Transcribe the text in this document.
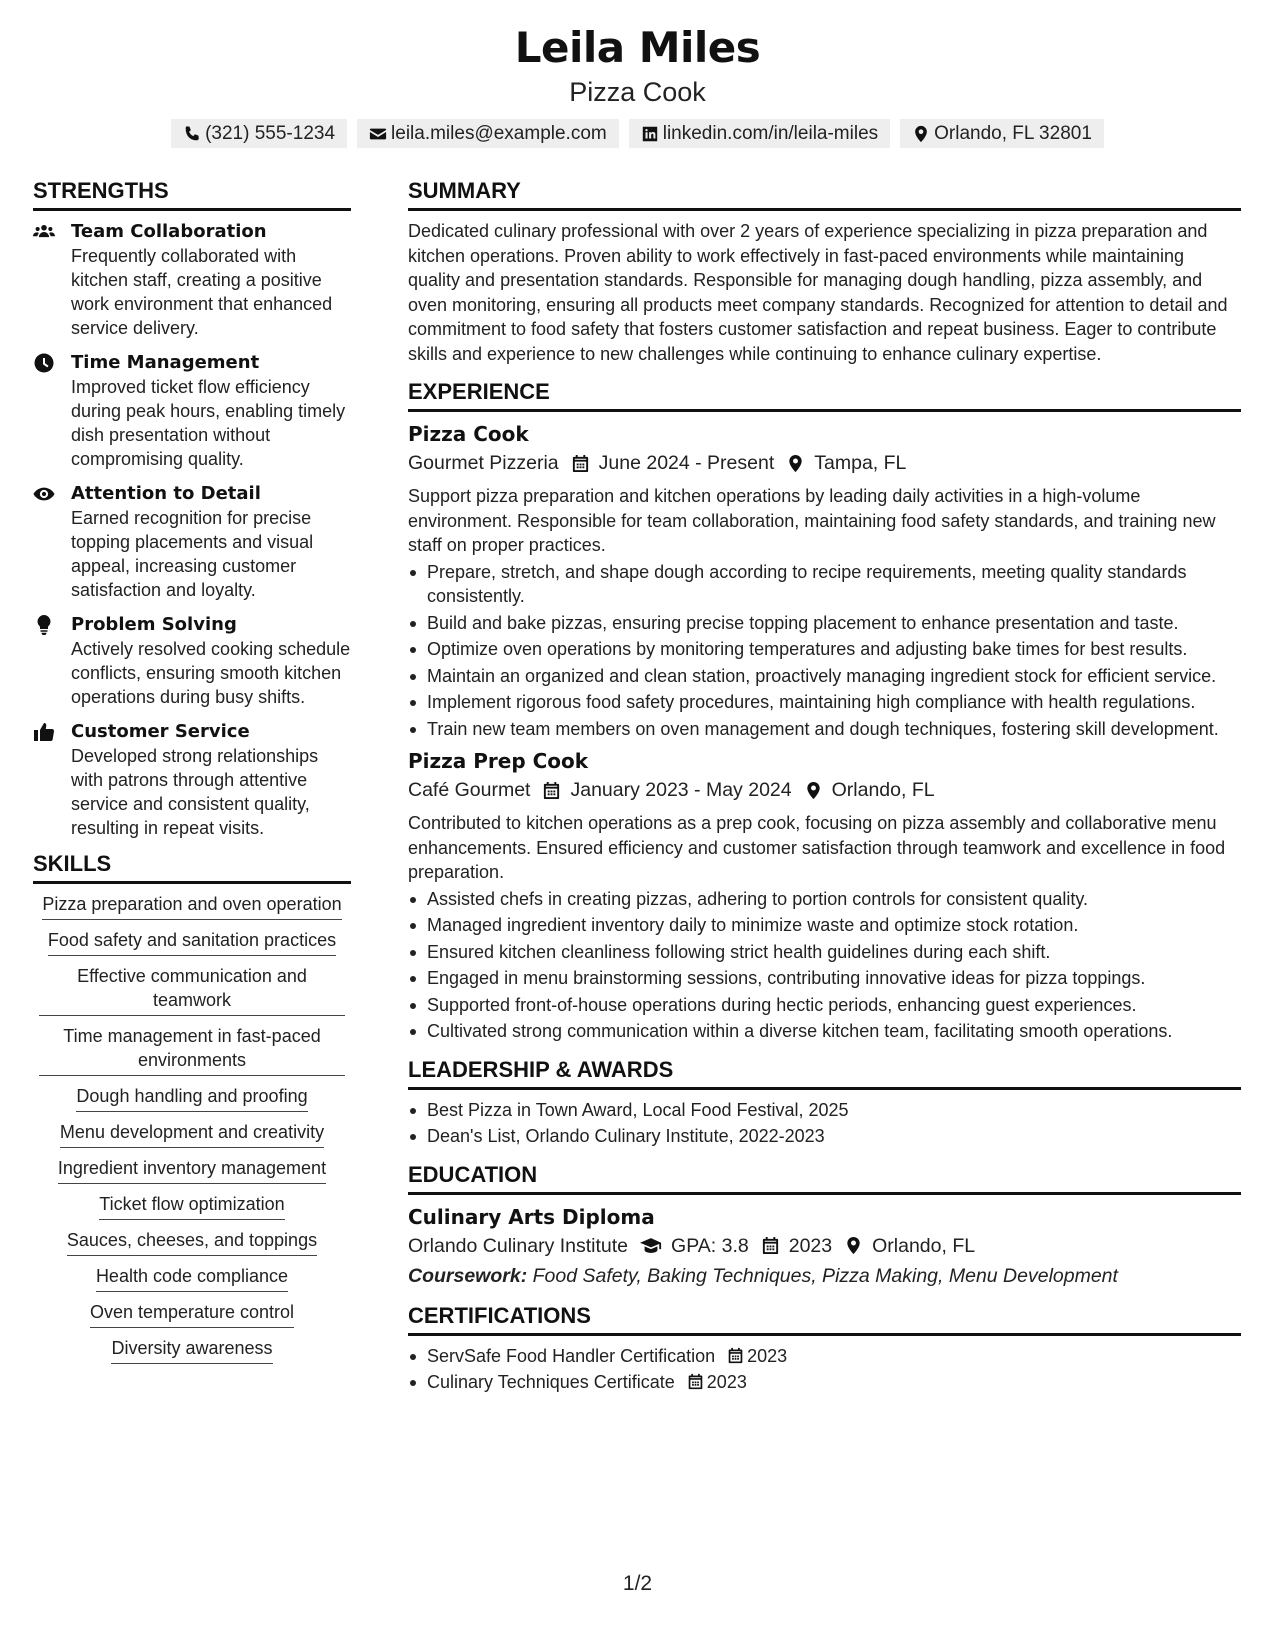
Leila Miles
Pizza Cook
(321) 555-1234	leila.miles@example.com	linkedin.com/in/leila-miles	Orlando, FL 32801
STRENGTHS
Team Collaboration
Frequently collaborated with kitchen staff, creating a positive work environment that enhanced service delivery.
Time Management
Improved ticket flow efficiency during peak hours, enabling timely dish presentation without compromising quality.
Attention to Detail
Earned recognition for precise topping placements and visual appeal, increasing customer satisfaction and loyalty.
Problem Solving
Actively resolved cooking schedule conflicts, ensuring smooth kitchen operations during busy shifts.
Customer Service
Developed strong relationships with patrons through attentive service and consistent quality, resulting in repeat visits.
SKILLS
Pizza preparation and oven operation
Food safety and sanitation practices
Effective communication and teamwork
Time management in fast-paced environments
Dough handling and proofing
Menu development and creativity
Ingredient inventory management
Ticket flow optimization
Sauces, cheeses, and toppings
Health code compliance
Oven temperature control
Diversity awareness
SUMMARY
Dedicated culinary professional with over 2 years of experience specializing in pizza preparation and kitchen operations. Proven ability to work effectively in fast-paced environments while maintaining quality and presentation standards. Responsible for managing dough handling, pizza assembly, and oven monitoring, ensuring all products meet company standards. Recognized for attention to detail and commitment to food safety that fosters customer satisfaction and repeat business. Eager to contribute skills and experience to new challenges while continuing to enhance culinary expertise.
EXPERIENCE
Pizza Cook
Gourmet Pizzeria June 2024 - Present Tampa, FL
Support pizza preparation and kitchen operations by leading daily activities in a high-volume environment. Responsible for team collaboration, maintaining food safety standards, and training new staff on proper practices.
Prepare, stretch, and shape dough according to recipe requirements, meeting quality standards consistently.
Build and bake pizzas, ensuring precise topping placement to enhance presentation and taste.
Optimize oven operations by monitoring temperatures and adjusting bake times for best results.
Maintain an organized and clean station, proactively managing ingredient stock for efficient service.
Implement rigorous food safety procedures, maintaining high compliance with health regulations.
Train new team members on oven management and dough techniques, fostering skill development.
Pizza Prep Cook
Café Gourmet January 2023 - May 2024 Orlando, FL
Contributed to kitchen operations as a prep cook, focusing on pizza assembly and collaborative menu enhancements. Ensured efficiency and customer satisfaction through teamwork and excellence in food preparation.
Assisted chefs in creating pizzas, adhering to portion controls for consistent quality.
Managed ingredient inventory daily to minimize waste and optimize stock rotation.
Ensured kitchen cleanliness following strict health guidelines during each shift.
Engaged in menu brainstorming sessions, contributing innovative ideas for pizza toppings.
Supported front-of-house operations during hectic periods, enhancing guest experiences.
Cultivated strong communication within a diverse kitchen team, facilitating smooth operations.
LEADERSHIP & AWARDS
Best Pizza in Town Award, Local Food Festival, 2025
Dean's List, Orlando Culinary Institute, 2022-2023
EDUCATION
Culinary Arts Diploma
Orlando Culinary Institute GPA: 3.8 2023 Orlando, FL
Coursework: Food Safety, Baking Techniques, Pizza Making, Menu Development
CERTIFICATIONS
ServSafe Food Handler Certification 2023
Culinary Techniques Certificate 2023
1/2
